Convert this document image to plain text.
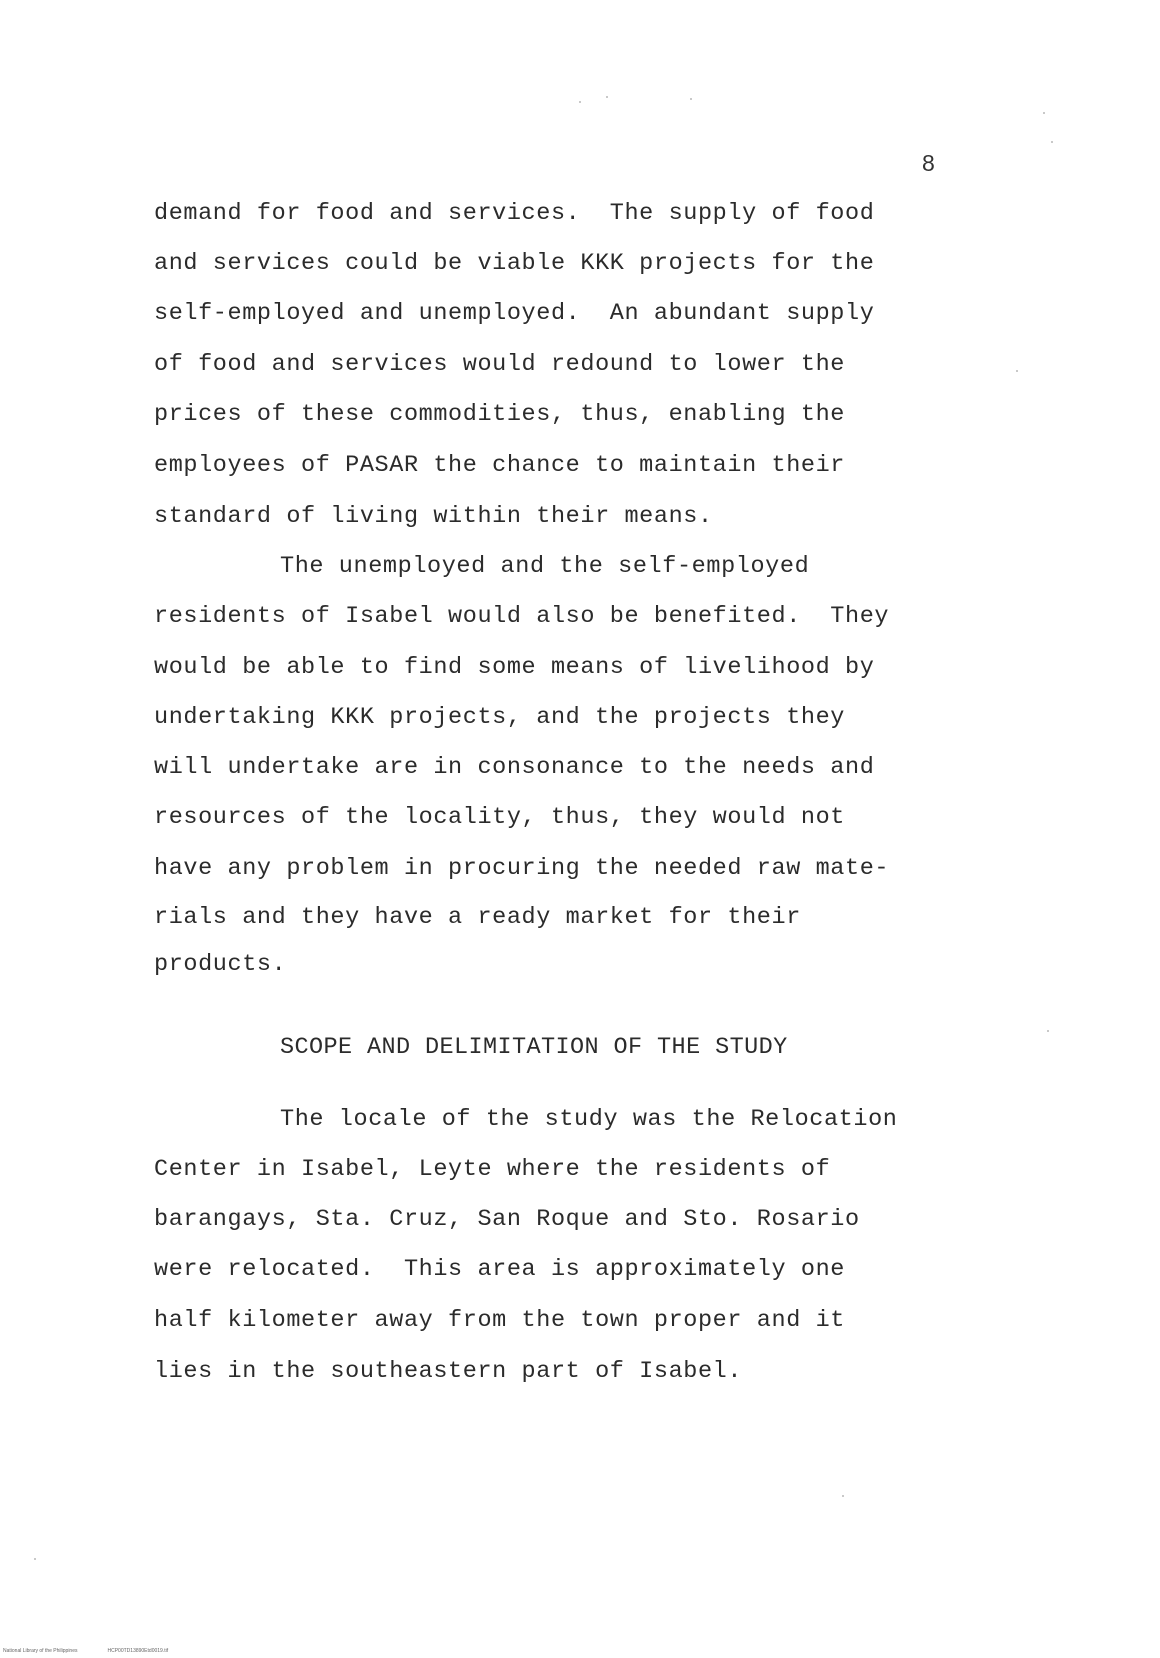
8
demand for food and services.  The supply of food
and services could be viable KKK projects for the
self-employed and unemployed.  An abundant supply
of food and services would redound to lower the
prices of these commodities, thus, enabling the
employees of PASAR the chance to maintain their
standard of living within their means.
The unemployed and the self-employed
residents of Isabel would also be benefited.  They
would be able to find some means of livelihood by
undertaking KKK projects, and the projects they
will undertake are in consonance to the needs and
resources of the locality, thus, they would not
have any problem in procuring the needed raw mate-
rials and they have a ready market for their
products.
SCOPE AND DELIMITATION OF THE STUDY
The locale of the study was the Relocation
Center in Isabel, Leyte where the residents of
barangays, Sta. Cruz, San Roque and Sto. Rosario
were relocated.  This area is approximately one
half kilometer away from the town proper and it
lies in the southeastern part of Isabel.
National Library of the Philippines	HCP00TD13890Etd0019.tif
